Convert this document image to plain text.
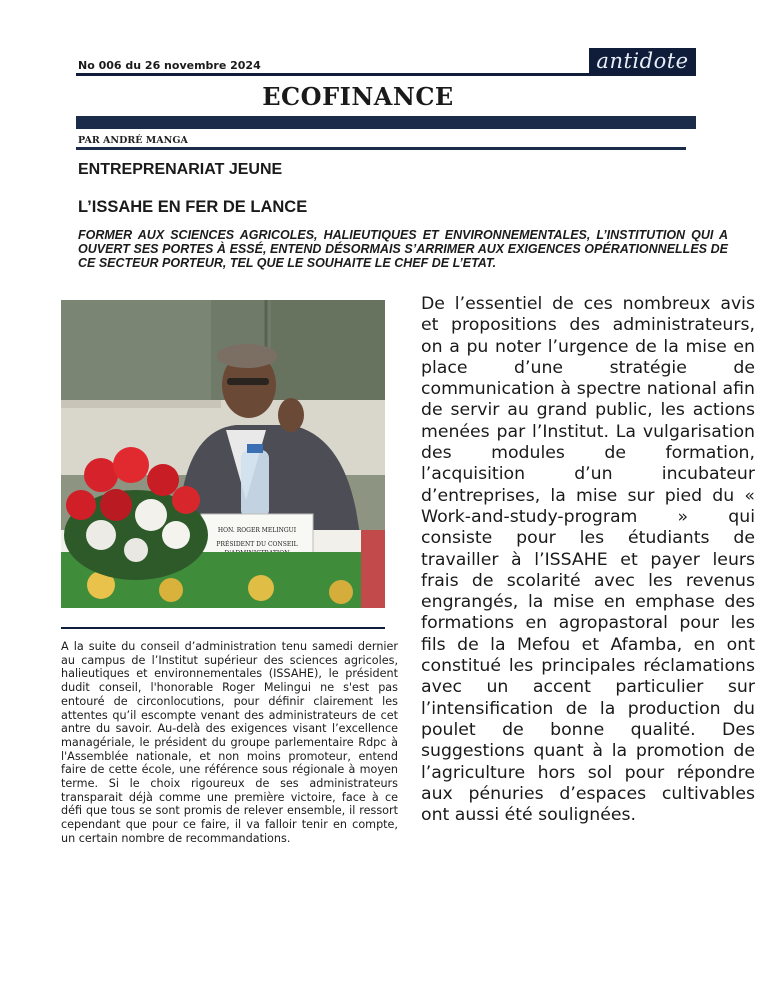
No 006 du 26 novembre 2024	antidote
ECOFINANCE
PAR ANDRÉ MANGA
ENTREPRENARIAT JEUNE
L’ISSAHE EN FER DE LANCE
FORMER AUX SCIENCES AGRICOLES, HALIEUTIQUES ET ENVIRONNEMENTALES, L’INSTITUTION QUI A OUVERT SES PORTES À ESSÉ, ENTEND DÉSORMAIS S’ARRIMER AUX EXIGENCES OPÉRATIONNELLES DE CE SECTEUR PORTEUR, TEL QUE LE SOUHAITE LE CHEF DE L’ETAT.
HON. ROGER MELINGUI
PRÉSIDENT DU CONSEIL
A la suite du conseil d’administration tenu samedi dernier au campus de l’Institut supérieur des sciences agricoles, halieutiques et environnementales (ISSAHE), le président dudit conseil, l'honorable Roger Melingui ne s'est pas entouré de circonlocutions, pour définir clairement les attentes qu’il escompte venant des administrateurs de cet antre du savoir. Au-delà des exigences visant l’excellence managériale, le président du groupe parlementaire Rdpc à l'Assemblée nationale, et non moins promoteur, entend faire de cette école, une référence sous régionale à moyen terme. Si le choix rigoureux de ses administrateurs transparait déjà comme une première victoire, face à ce défi que tous se sont promis de relever ensemble, il ressort cependant que pour ce faire, il va falloir tenir en compte, un certain nombre de recommandations.
De l’essentiel de ces nombreux avis et propositions des administrateurs, on a pu noter l’urgence de la mise en place d’une stratégie de communication à spectre national afin de servir au grand public, les actions menées par l’Institut. La vulgarisation des modules de formation, l’acquisition d’un incubateur d’entreprises, la mise sur pied du « Work-and-study-program » qui consiste pour les étudiants de travailler à l’ISSAHE et payer leurs frais de scolarité avec les revenus engrangés, la mise en emphase des formations en agropastoral pour les fils de la Mefou et Afamba, en ont constitué les principales réclamations avec un accent particulier sur l’intensification de la production du poulet de bonne qualité. Des suggestions quant à la promotion de l’agriculture hors sol pour répondre aux pénuries d’espaces cultivables ont aussi été soulignées.
